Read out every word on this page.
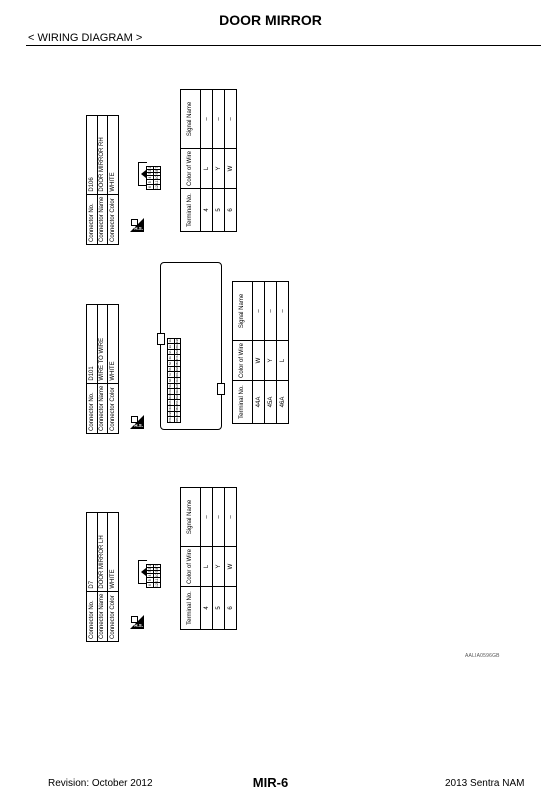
DOOR MIRROR
< WIRING DIAGRAM >
Connector No.	D106
Connector Name	DOOR MIRROR RH
Connector Color	WHITE
H.S.
6	5	4	3	2	1
12	11	10	9	8	7
Terminal No.	Color of Wire	Signal Name
4	L	–
5	Y	–
6	W	–
Connector No.	D101
Connector Name	WIRE TO WIRE
Connector Color	WHITE
H.S.
15A	14A	13A	12A	11A	10A	9A	8A	7A	6A	5A	4A	3A	2A	1A
48A	47A	46A	45A	44A	43A	42A	41A	40A	39A	38A	37A	36A	35A	34A
Terminal No.	Color of Wire	Signal Name
44A	W	–
45A	Y	–
46A	L	–
Connector No.	D7
Connector Name	DOOR MIRROR LH
Connector Color	WHITE
H.S.
6	5	4	3	2	1
12	11	10	9	8	7
Terminal No.	Color of Wire	Signal Name
4	L	–
5	Y	–
6	W	–
AALIA0596GB
Revision: October 2012	MIR-6	2013 Sentra NAM
